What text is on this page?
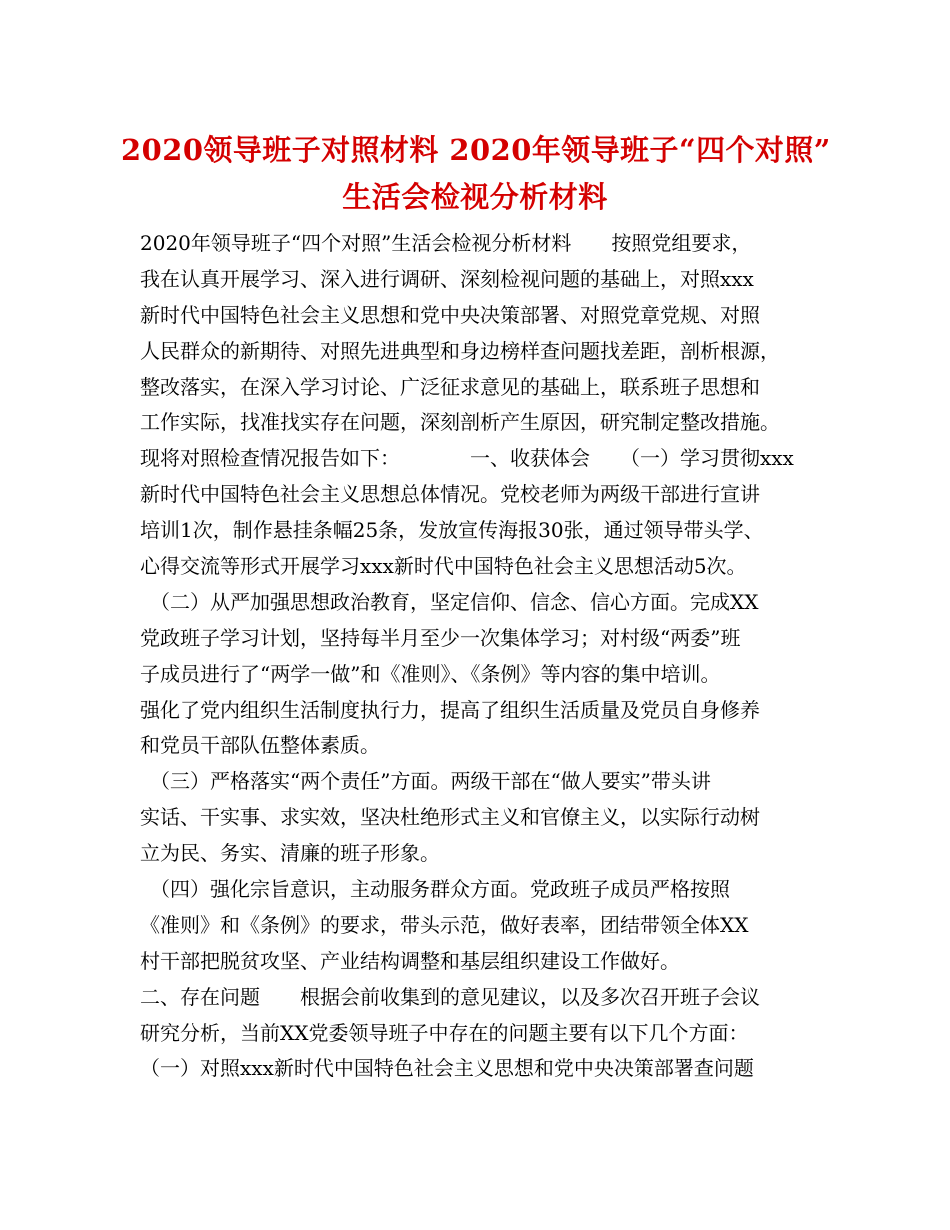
2020领导班子对照材料 2020年领导班子“四个对照”
生活会检视分析材料
2020年领导班子“四个对照”生活会检视分析材料　　按照党组要求，
我在认真开展学习、深入进行调研、深刻检视问题的基础上，对照xxx
新时代中国特色社会主义思想和党中央决策部署、对照党章党规、对照
人民群众的新期待、对照先进典型和身边榜样查问题找差距，剖析根源，
整改落实，在深入学习讨论、广泛征求意见的基础上，联系班子思想和
工作实际，找准找实存在问题，深刻剖析产生原因，研究制定整改措施。
现将对照检查情况报告如下：　　　　一、收获体会　　（一）学习贯彻xxx
新时代中国特色社会主义思想总体情况。党校老师为两级干部进行宣讲
培训1次，制作悬挂条幅25条，发放宣传海报30张，通过领导带头学、
心得交流等形式开展学习xxx新时代中国特色社会主义思想活动5次。
　（二）从严加强思想政治教育，坚定信仰、信念、信心方面。完成XX
党政班子学习计划，坚持每半月至少一次集体学习；对村级“两委”班
子成员进行了“两学一做”和《准则》、《条例》等内容的集中培训。
强化了党内组织生活制度执行力，提高了组织生活质量及党员自身修养
和党员干部队伍整体素质。
　（三）严格落实“两个责任”方面。两级干部在“做人要实”带头讲
实话、干实事、求实效，坚决杜绝形式主义和官僚主义，以实际行动树
立为民、务实、清廉的班子形象。
　（四）强化宗旨意识，主动服务群众方面。党政班子成员严格按照
《准则》和《条例》的要求，带头示范，做好表率，团结带领全体XX
村干部把脱贫攻坚、产业结构调整和基层组织建设工作做好。
二、存在问题　　根据会前收集到的意见建议，以及多次召开班子会议
研究分析，当前XX党委领导班子中存在的问题主要有以下几个方面：
（一）对照xxx新时代中国特色社会主义思想和党中央决策部署查问题
